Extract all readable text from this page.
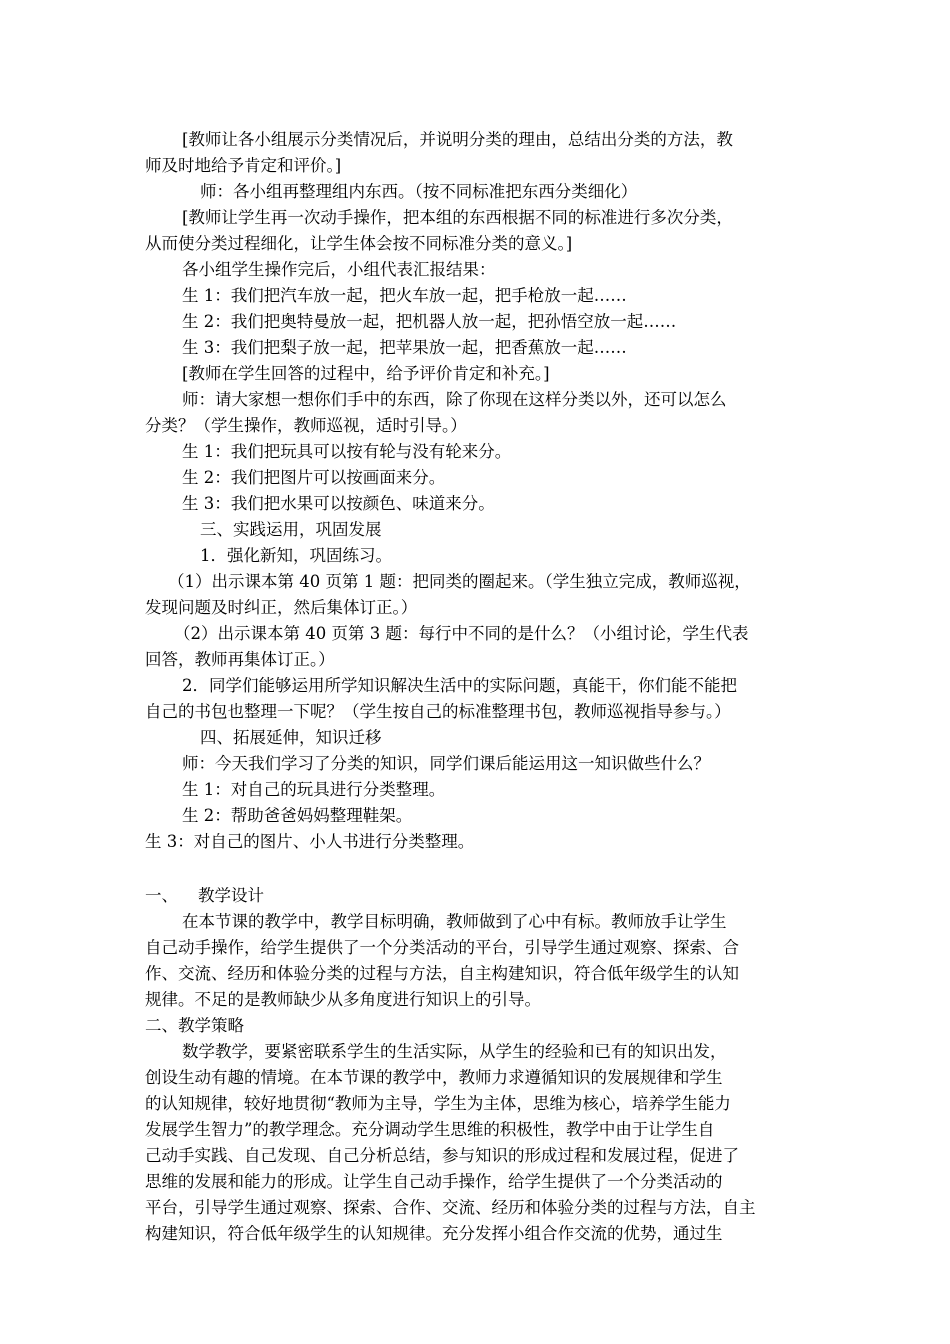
[教师让各小组展示分类情况后，并说明分类的理由，总结出分类的方法，教
师及时地给予肯定和评价。]
师：各小组再整理组内东西。（按不同标准把东西分类细化）
[教师让学生再一次动手操作，把本组的东西根据不同的标准进行多次分类，
从而使分类过程细化，让学生体会按不同标准分类的意义。]
各小组学生操作完后，小组代表汇报结果：
生 1：我们把汽车放一起，把火车放一起，把手枪放一起……
生 2：我们把奥特曼放一起，把机器人放一起，把孙悟空放一起……
生 3：我们把梨子放一起，把苹果放一起，把香蕉放一起……
[教师在学生回答的过程中，给予评价肯定和补充。]
师：请大家想一想你们手中的东西，除了你现在这样分类以外，还可以怎么
分类？（学生操作，教师巡视，适时引导。）
生 1：我们把玩具可以按有轮与没有轮来分。
生 2：我们把图片可以按画面来分。
生 3：我们把水果可以按颜色、味道来分。
三、实践运用，巩固发展
1．强化新知，巩固练习。
（1）出示课本第 40 页第 1 题：把同类的圈起来。（学生独立完成，教师巡视，
发现问题及时纠正，然后集体订正。）
（2）出示课本第 40 页第 3 题：每行中不同的是什么？（小组讨论，学生代表
回答，教师再集体订正。）
2．同学们能够运用所学知识解决生活中的实际问题，真能干，你们能不能把
自己的书包也整理一下呢？（学生按自己的标准整理书包，教师巡视指导参与。）
四、拓展延伸，知识迁移
师：今天我们学习了分类的知识，同学们课后能运用这一知识做些什么？
生 1：对自己的玩具进行分类整理。
生 2：帮助爸爸妈妈整理鞋架。
生 3：对自己的图片、小人书进行分类整理。
一、 教学设计
在本节课的教学中，教学目标明确，教师做到了心中有标。教师放手让学生
自己动手操作，给学生提供了一个分类活动的平台，引导学生通过观察、探索、合
作、交流、经历和体验分类的过程与方法，自主构建知识，符合低年级学生的认知
规律。不足的是教师缺少从多角度进行知识上的引导。
二、教学策略
数学教学，要紧密联系学生的生活实际，从学生的经验和已有的知识出发，
创设生动有趣的情境。在本节课的教学中，教师力求遵循知识的发展规律和学生
的认知规律，较好地贯彻“教师为主导，学生为主体，思维为核心，培养学生能力
发展学生智力”的教学理念。充分调动学生思维的积极性，教学中由于让学生自
己动手实践、自己发现、自己分析总结，参与知识的形成过程和发展过程，促进了
思维的发展和能力的形成。让学生自己动手操作，给学生提供了一个分类活动的
平台，引导学生通过观察、探索、合作、交流、经历和体验分类的过程与方法，自主
构建知识，符合低年级学生的认知规律。充分发挥小组合作交流的优势，通过生
